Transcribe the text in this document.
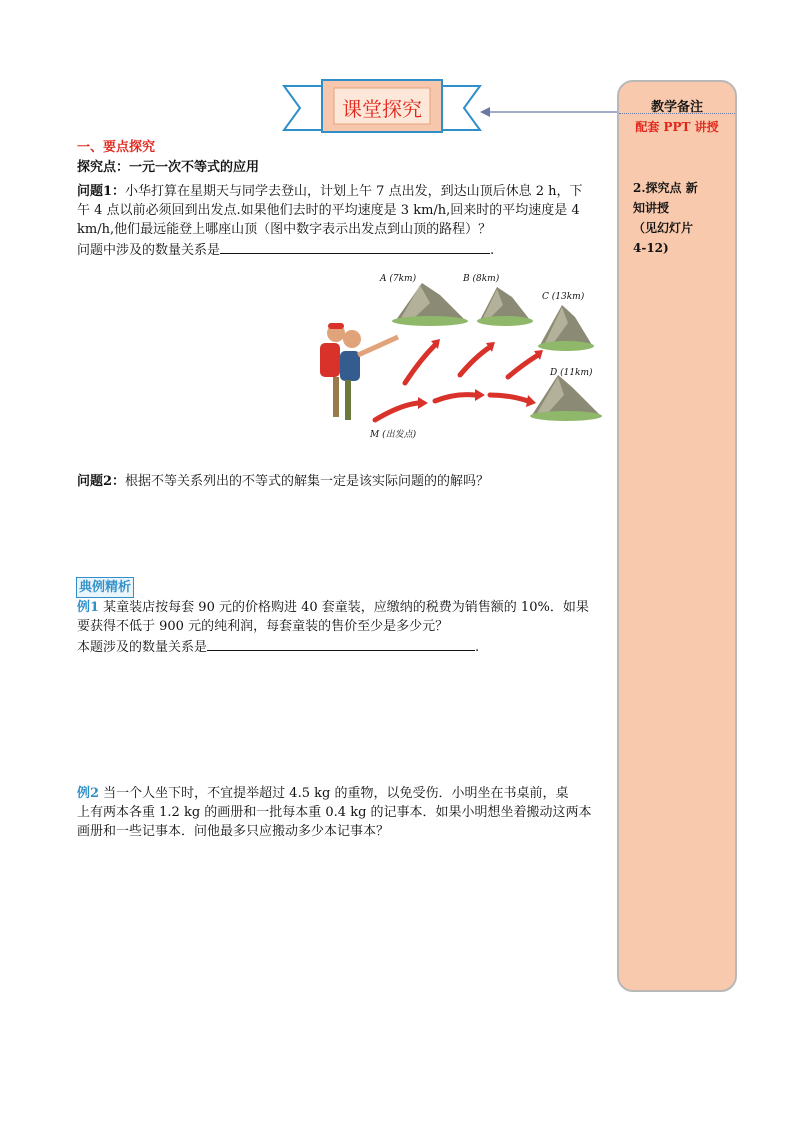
课堂探究
一、要点探究
探究点：一元一次不等式的应用
问题1：小华打算在星期天与同学去登山，计划上午 7 点出发，到达山顶后休息 2 h，下
午 4 点以前必须回到出发点.如果他们去时的平均速度是 3 km/h,回来时的平均速度是 4
km/h,他们最远能登上哪座山顶（图中数字表示出发点到山顶的路程）？
问题中涉及的数量关系是	.
A (7km)	B (8km)
C (13km)
D (11km)
M (出发点)
问题2：根据不等关系列出的不等式的解集一定是该实际问题的的解吗？
典例精析
例1 某童装店按每套 90 元的价格购进 40 套童装，应缴纳的税费为销售额的 10%．如果
要获得不低于 900 元的纯利润，每套童装的售价至少是多少元？
本题涉及的数量关系是	.
例2 当一个人坐下时，不宜提举超过 4.5 kg 的重物，以免受伤．小明坐在书桌前，桌
上有两本各重 1.2 kg 的画册和一批每本重 0.4 kg 的记事本．如果小明想坐着搬动这两本
画册和一些记事本．问他最多只应搬动多少本记事本？
教学备注
配套 PPT 讲授
2.探究点 新
知讲授
（见幻灯片
4-12)
